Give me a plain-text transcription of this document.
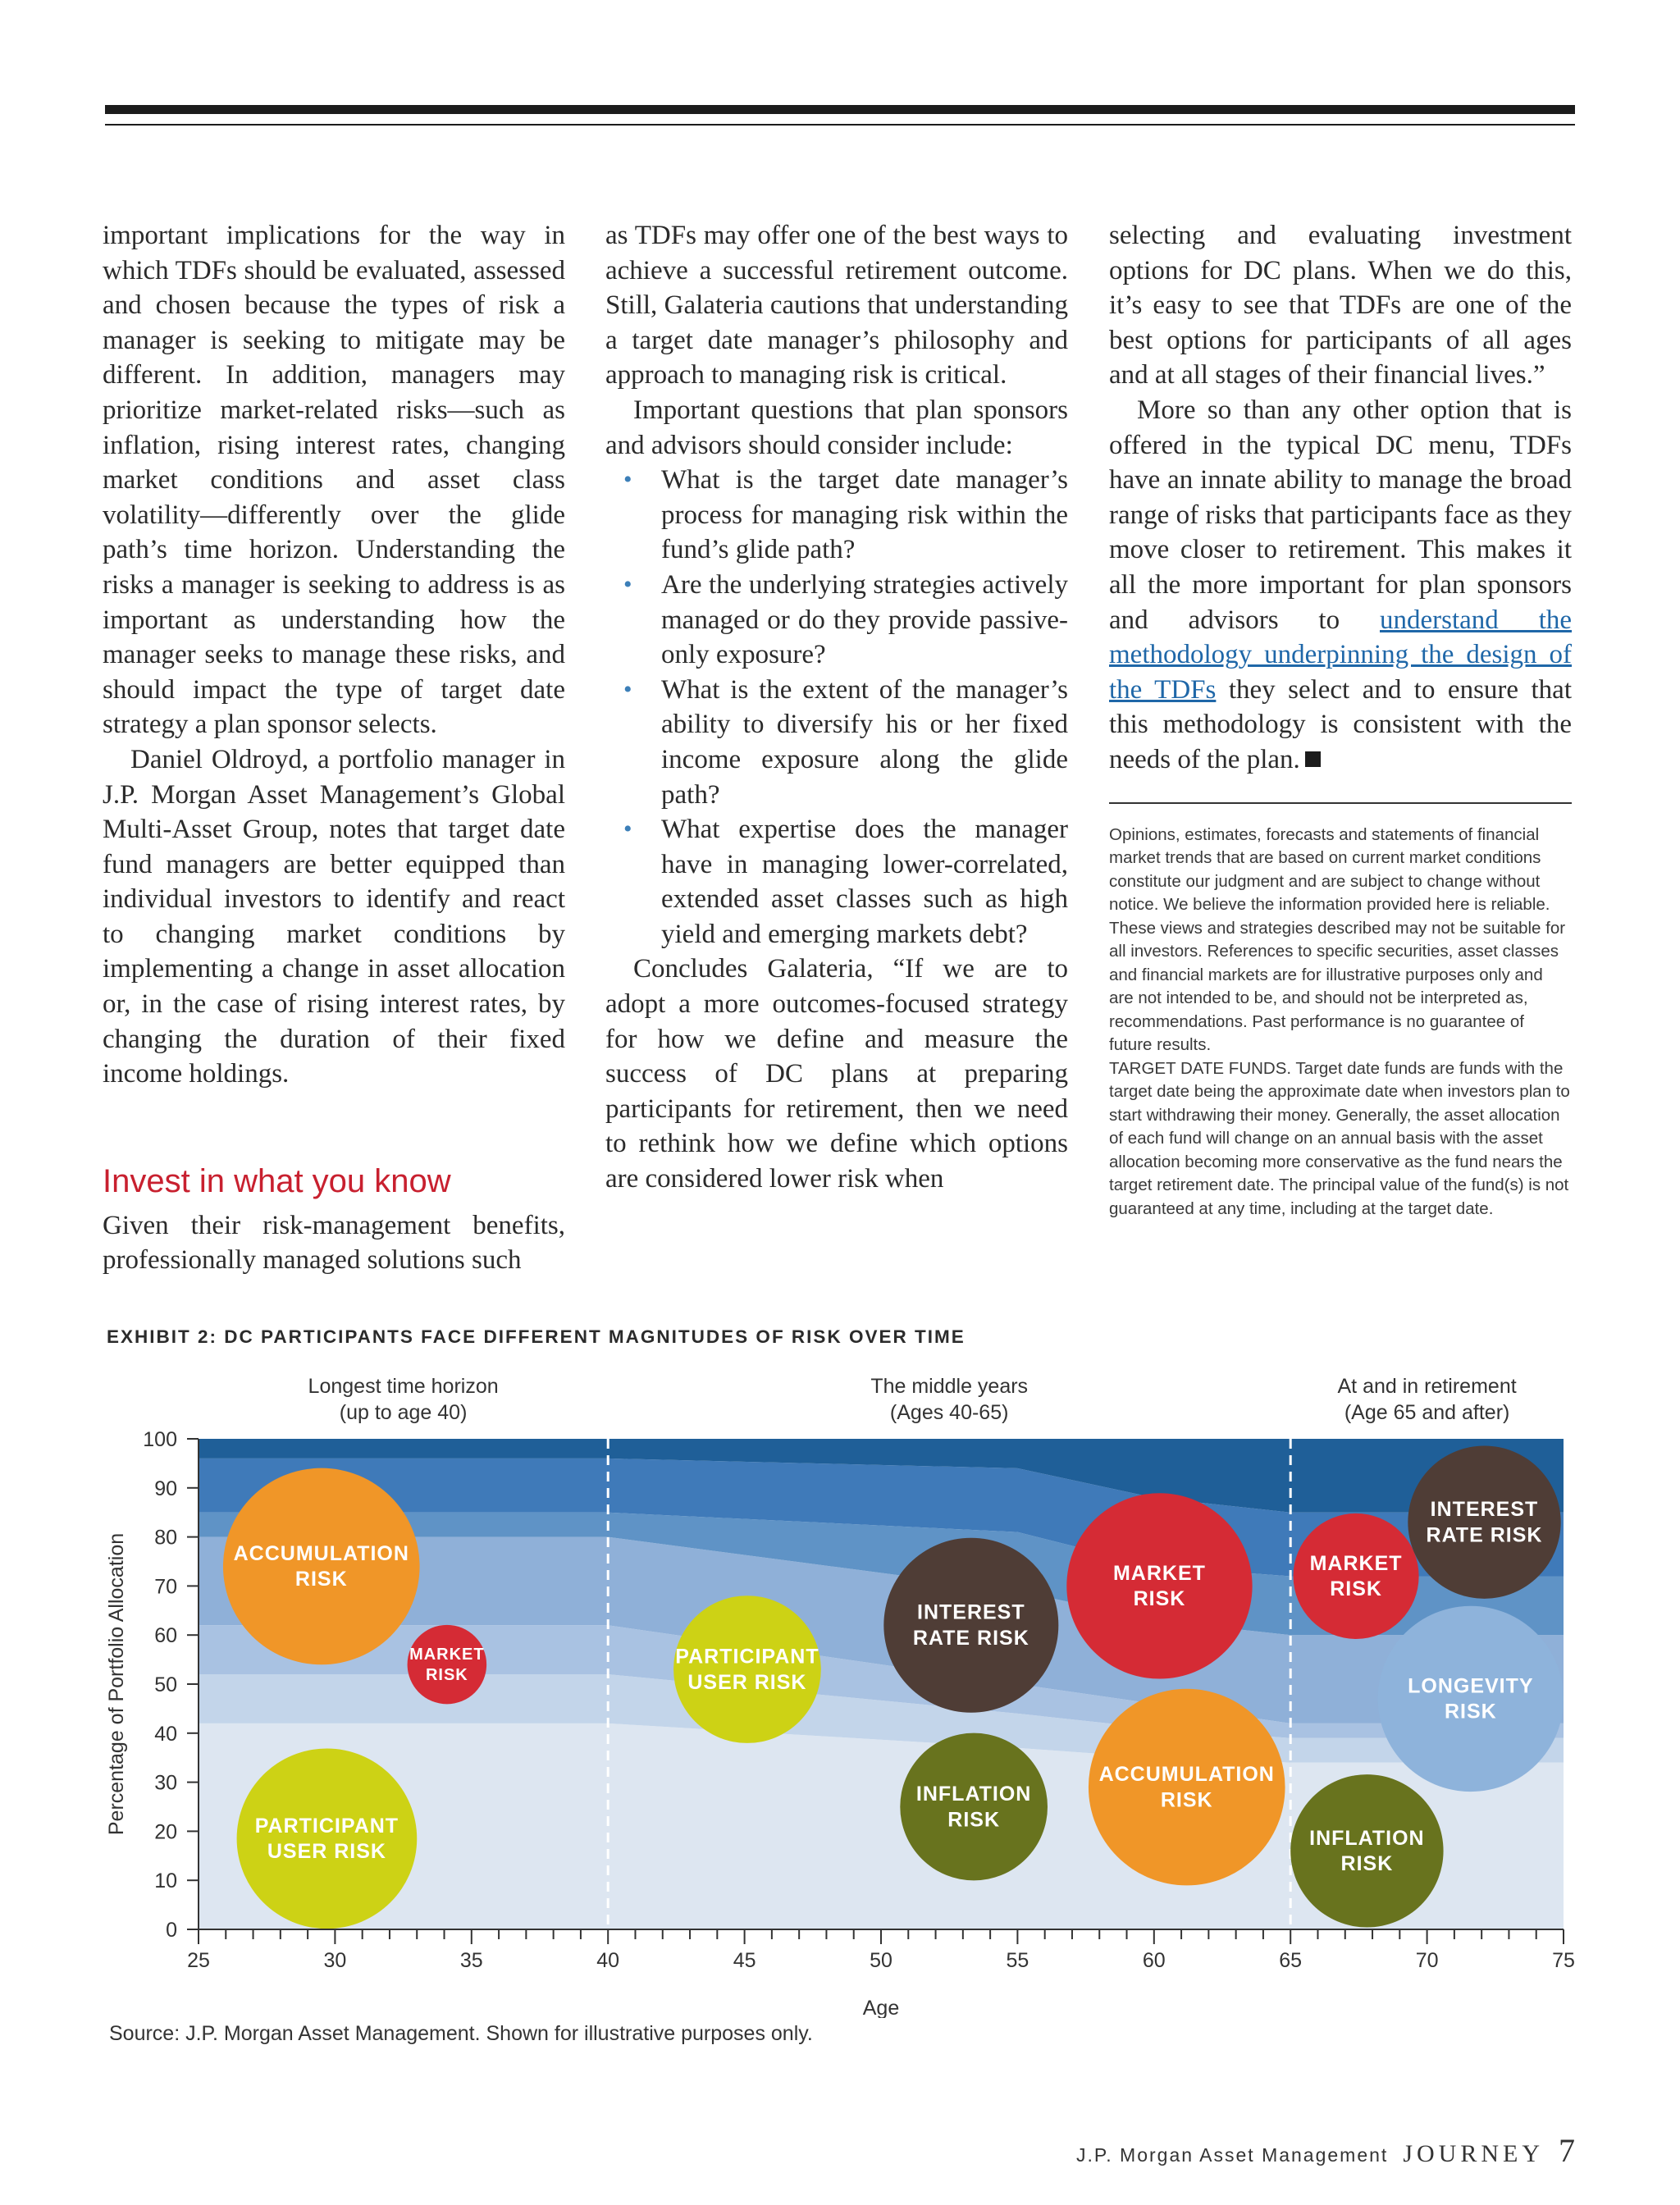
important implications for the way in which TDFs should be evaluated, assessed and chosen because the types of risk a manager is seeking to mitigate may be different. In addition, managers may prioritize market-related risks—such as inflation, rising interest rates, changing market conditions and asset class volatility—differently over the glide path’s time horizon. Understanding the risks a manager is seeking to address is as important as understanding how the manager seeks to manage these risks, and should impact the type of target date strategy a plan sponsor selects.

Daniel Oldroyd, a portfolio manager in J.P. Morgan Asset Management’s Global Multi-Asset Group, notes that target date fund managers are better equipped than individual investors to identify and react to changing market conditions by implementing a change in asset allocation or, in the case of rising interest rates, by changing the duration of their fixed income holdings.

Invest in what you know

Given their risk-management benefits, professionally managed solutions such

as TDFs may offer one of the best ways to achieve a successful retirement outcome. Still, Galateria cautions that understanding a target date manager’s philosophy and approach to managing risk is critical.

Important questions that plan sponsors and advisors should consider include:

• What is the target date manager’s process for managing risk within the fund’s glide path?
• Are the underlying strategies actively managed or do they provide passive-only exposure?
• What is the extent of the manager’s ability to diversify his or her fixed income exposure along the glide path?
• What expertise does the manager have in managing lower-correlated, extended asset classes such as high yield and emerging markets debt?

Concludes Galateria, “If we are to adopt a more outcomes-focused strategy for how we define and measure the success of DC plans at preparing participants for retirement, then we need to rethink how we define which options are considered lower risk when

selecting and evaluating investment options for DC plans. When we do this, it’s easy to see that TDFs are one of the best options for participants of all ages and at all stages of their financial lives.”

More so than any other option that is offered in the typical DC menu, TDFs have an innate ability to manage the broad range of risks that participants face as they move closer to retirement. This makes it all the more important for plan sponsors and advisors to understand the methodology underpinning the design of the TDFs they select and to ensure that this methodology is consistent with the needs of the plan.

Opinions, estimates, forecasts and statements of financial market trends that are based on current market conditions constitute our judgment and are subject to change without notice. We believe the information provided here is reliable. These views and strategies described may not be suitable for all investors. References to specific securities, asset classes and financial markets are for illustrative purposes only and are not intended to be, and should not be interpreted as, recommendations. Past performance is no guarantee of future results.

TARGET DATE FUNDS. Target date funds are funds with the target date being the approximate date when investors plan to start withdrawing their money. Generally, the asset allocation of each fund will change on an annual basis with the asset allocation becoming more conservative as the fund nears the target retirement date. The principal value of the fund(s) is not guaranteed at any time, including at the target date.

EXHIBIT 2: DC PARTICIPANTS FACE DIFFERENT MAGNITUDES OF RISK OVER TIME
ACCUMULATION
RISK
MARKET
RISK
PARTICIPANT
USER RISK
PARTICIPANT
USER RISK
INTEREST
RATE RISK
INFLATION
RISK
MARKET
RISK
ACCUMULATION
RISK
MARKET
RISK
INTEREST
RATE RISK
LONGEVITY
RISK
INFLATION
RISK
0
10
20
30
40
50
60
70
80
90
100
25	30	35	40	45	50	55	60	65	70	75
Age
Percentage of Portfolio Allocation
Longest time horizon
(up to age 40)
The middle years
(Ages 40-65)
At and in retirement
(Age 65 and after)
Source: J.P. Morgan Asset Management. Shown for illustrative purposes only.
J.P. Morgan Asset Management JOURNEY 7
